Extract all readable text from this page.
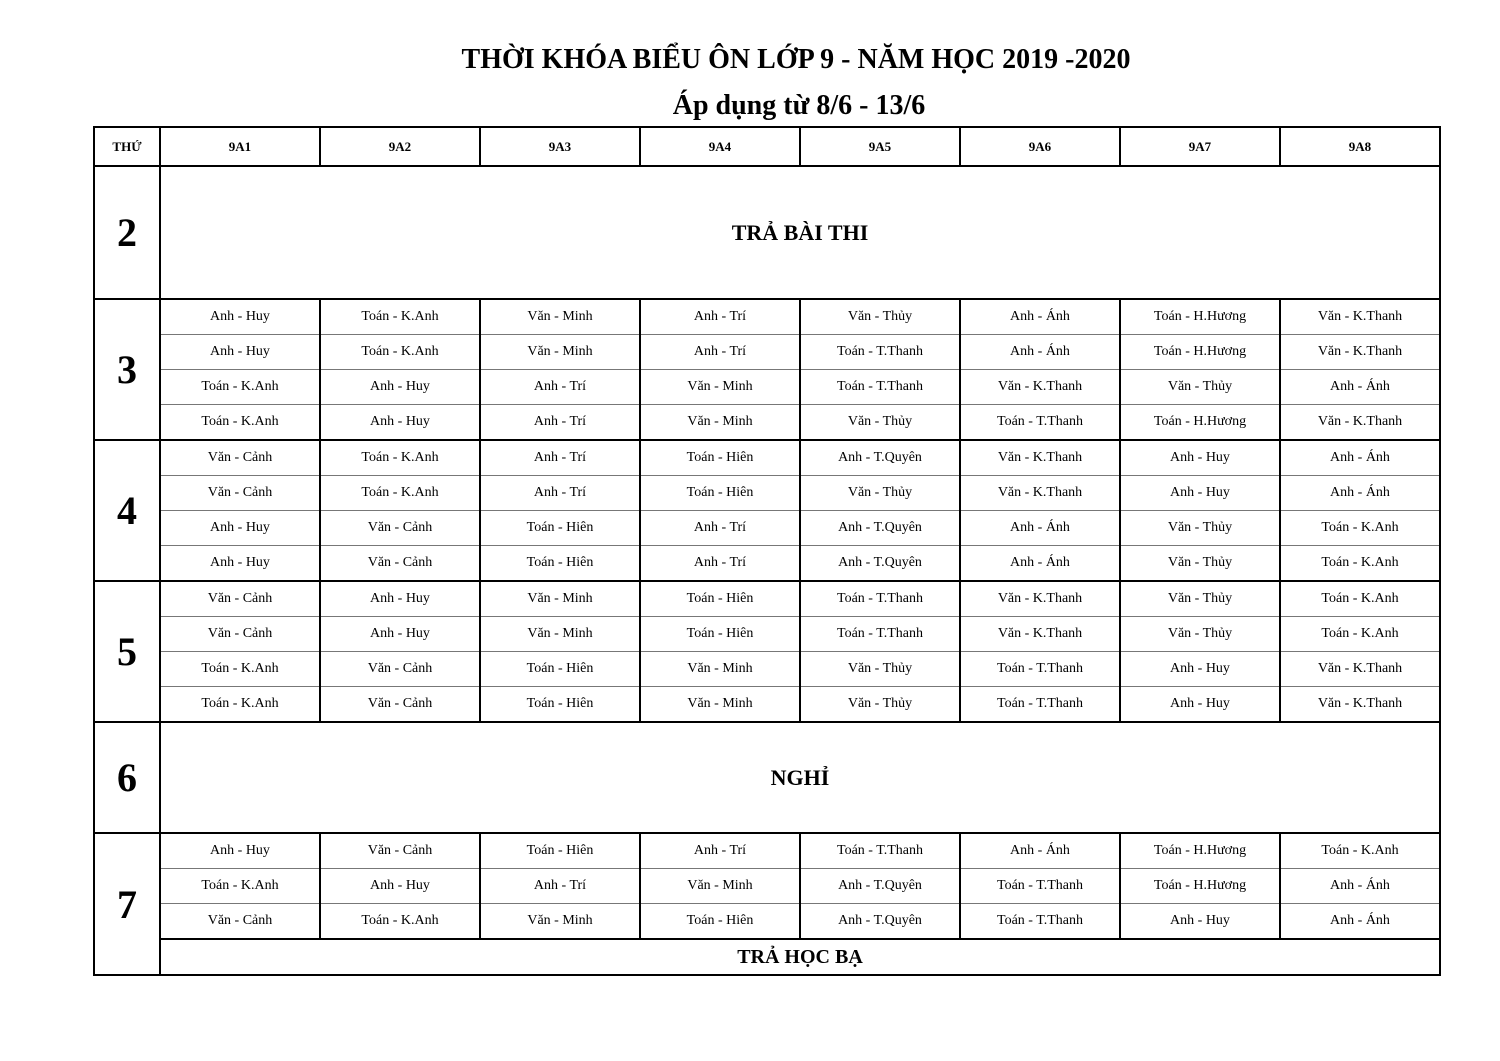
THỜI KHÓA BIỂU ÔN LỚP 9 - NĂM HỌC 2019 -2020
Áp dụng từ 8/6 - 13/6
THỨ	9A1	9A2	9A3	9A4	9A5	9A6	9A7	9A8
2	TRẢ BÀI THI							
3	Anh - Huy	Toán - K.Anh	Văn - Minh	Anh - Trí	Văn - Thủy	Anh - Ánh	Toán - H.Hương	Văn - K.Thanh
	Anh - Huy	Toán - K.Anh	Văn - Minh	Anh - Trí	Toán - T.Thanh	Anh - Ánh	Toán - H.Hương	Văn - K.Thanh
	Toán - K.Anh	Anh - Huy	Anh - Trí	Văn - Minh	Toán - T.Thanh	Văn - K.Thanh	Văn - Thủy	Anh - Ánh
	Toán - K.Anh	Anh - Huy	Anh - Trí	Văn - Minh	Văn - Thủy	Toán - T.Thanh	Toán - H.Hương	Văn - K.Thanh
4	Văn - Cảnh	Toán - K.Anh	Anh - Trí	Toán - Hiên	Anh - T.Quyên	Văn - K.Thanh	Anh - Huy	Anh - Ánh
	Văn - Cảnh	Toán - K.Anh	Anh - Trí	Toán - Hiên	Văn - Thủy	Văn - K.Thanh	Anh - Huy	Anh - Ánh
	Anh - Huy	Văn - Cảnh	Toán - Hiên	Anh - Trí	Anh - T.Quyên	Anh - Ánh	Văn - Thủy	Toán - K.Anh
	Anh - Huy	Văn - Cảnh	Toán - Hiên	Anh - Trí	Anh - T.Quyên	Anh - Ánh	Văn - Thủy	Toán - K.Anh
5	Văn - Cảnh	Anh - Huy	Văn - Minh	Toán - Hiên	Toán - T.Thanh	Văn - K.Thanh	Văn - Thủy	Toán - K.Anh
	Văn - Cảnh	Anh - Huy	Văn - Minh	Toán - Hiên	Toán - T.Thanh	Văn - K.Thanh	Văn - Thủy	Toán - K.Anh
	Toán - K.Anh	Văn - Cảnh	Toán - Hiên	Văn - Minh	Văn - Thủy	Toán - T.Thanh	Anh - Huy	Văn - K.Thanh
	Toán - K.Anh	Văn - Cảnh	Toán - Hiên	Văn - Minh	Văn - Thủy	Toán - T.Thanh	Anh - Huy	Văn - K.Thanh
6	NGHỈ							
7	Anh - Huy	Văn - Cảnh	Toán - Hiên	Anh - Trí	Toán - T.Thanh	Anh - Ánh	Toán - H.Hương	Toán - K.Anh
	Toán - K.Anh	Anh - Huy	Anh - Trí	Văn - Minh	Anh - T.Quyên	Toán - T.Thanh	Toán - H.Hương	Anh - Ánh
	Văn - Cảnh	Toán - K.Anh	Văn - Minh	Toán - Hiên	Anh - T.Quyên	Toán - T.Thanh	Anh - Huy	Anh - Ánh
	TRẢ HỌC BẠ							
